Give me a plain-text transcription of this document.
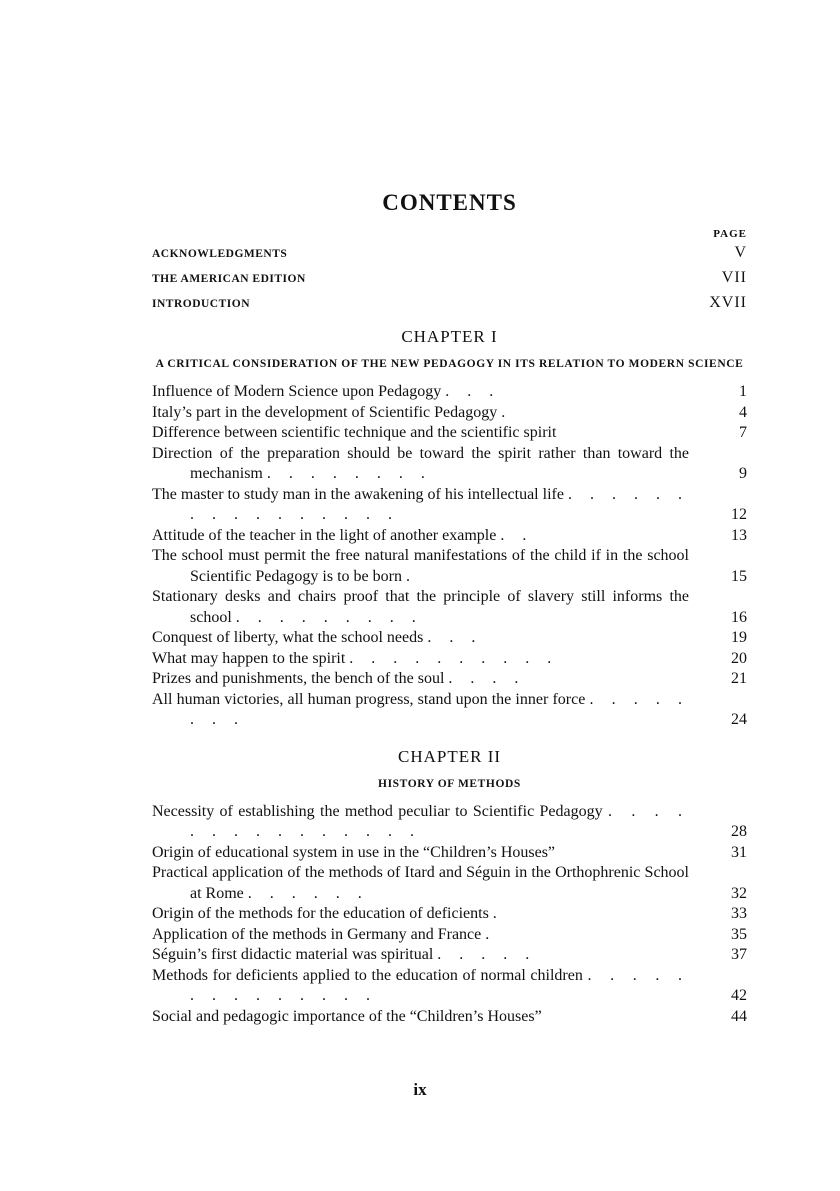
CONTENTS
PAGE
ACKNOWLEDGMENTS	V
THE AMERICAN EDITION	VII
INTRODUCTION	XVII
CHAPTER I
A CRITICAL CONSIDERATION OF THE NEW PEDAGOGY IN ITS RELATION TO MODERN SCIENCE
Influence of Modern Science upon Pedagogy . . .	1
Italy’s part in the development of Scientific Pedagogy .	4
Difference between scientific technique and the scientific spirit	7
Direction of the preparation should be toward the spirit rather than toward the mechanism . . . . . . . .	9
The master to study man in the awakening of his intellectual life . . . . . . . . . . . . . . . .	12
Attitude of the teacher in the light of another example . .	13
The school must permit the free natural manifestations of the child if in the school Scientific Pedagogy is to be born .	15
Stationary desks and chairs proof that the principle of slavery still informs the school . . . . . . . . .	16
Conquest of liberty, what the school needs . . .	19
What may happen to the spirit . . . . . . . . . .	20
Prizes and punishments, the bench of the soul . . . .	21
All human victories, all human progress, stand upon the inner force . . . . . . . .	24
CHAPTER II
HISTORY OF METHODS
Necessity of establishing the method peculiar to Scientific Pedagogy . . . . . . . . . . . . . . .	28
Origin of educational system in use in the “Children’s Houses”	31
Practical application of the methods of Itard and Séguin in the Orthophrenic School at Rome . . . . . .	32
Origin of the methods for the education of deficients .	33
Application of the methods in Germany and France .	35
Séguin’s first didactic material was spiritual . . . . .	37
Methods for deficients applied to the education of normal children . . . . . . . . . . . . . .	42
Social and pedagogic importance of the “Children’s Houses”	44
ix
